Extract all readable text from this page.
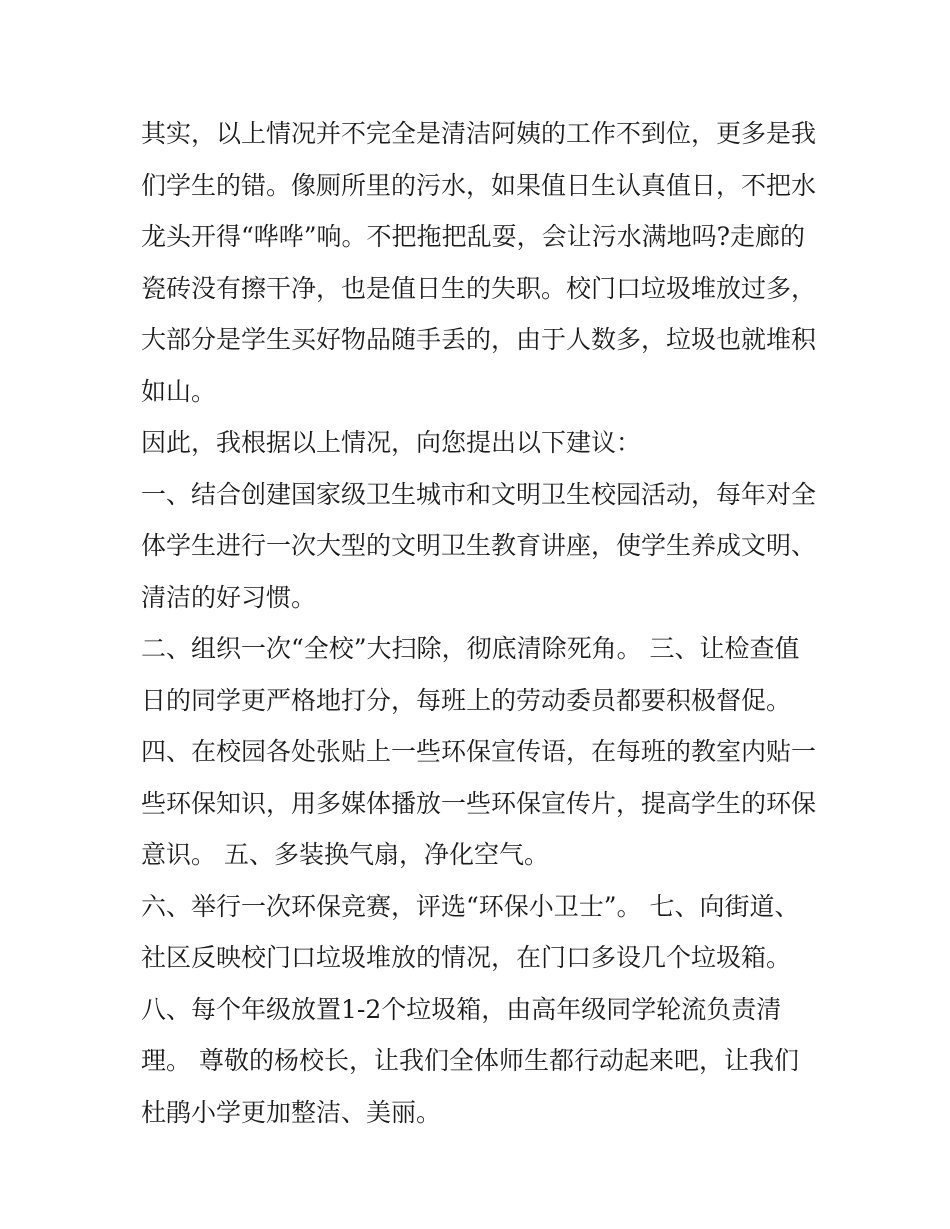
其实，以上情况并不完全是清洁阿姨的工作不到位，更多是我
们学生的错。像厕所里的污水，如果值日生认真值日，不把水
龙头开得“哗哗”响。不把拖把乱耍，会让污水满地吗?走廊的
瓷砖没有擦干净，也是值日生的失职。校门口垃圾堆放过多，
大部分是学生买好物品随手丢的，由于人数多，垃圾也就堆积
如山。
因此，我根据以上情况，向您提出以下建议：
一、结合创建国家级卫生城市和文明卫生校园活动，每年对全
体学生进行一次大型的文明卫生教育讲座，使学生养成文明、
清洁的好习惯。
二、组织一次“全校”大扫除，彻底清除死角。 三、让检查值
日的同学更严格地打分，每班上的劳动委员都要积极督促。
四、在校园各处张贴上一些环保宣传语，在每班的教室内贴一
些环保知识，用多媒体播放一些环保宣传片，提高学生的环保
意识。 五、多装换气扇，净化空气。
六、举行一次环保竞赛，评选“环保小卫士”。 七、向街道、
社区反映校门口垃圾堆放的情况，在门口多设几个垃圾箱。
八、每个年级放置1-2个垃圾箱，由高年级同学轮流负责清
理。 尊敬的杨校长，让我们全体师生都行动起来吧，让我们
杜鹃小学更加整洁、美丽。
